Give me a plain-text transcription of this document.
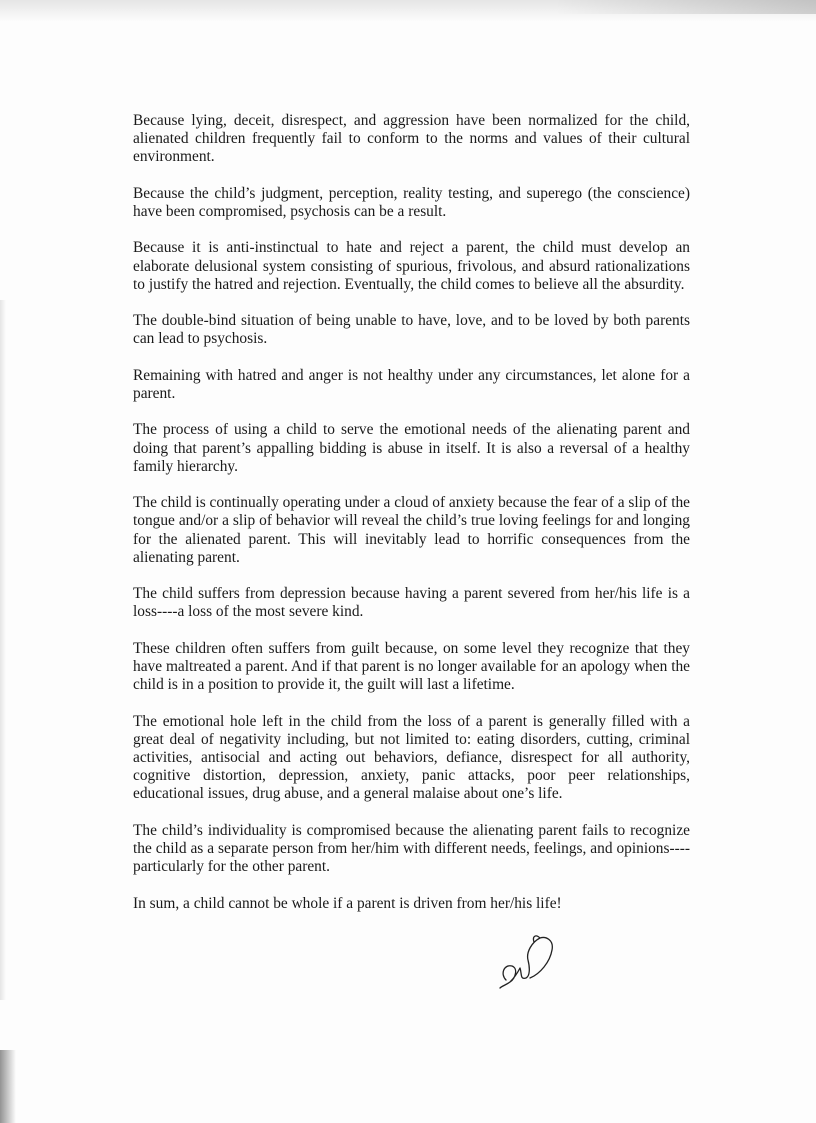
Because lying, deceit, disrespect, and aggression have been normalized for the child, alienated children frequently fail to conform to the norms and values of their cultural environment.

Because the child’s judgment, perception, reality testing, and superego (the conscience) have been compromised, psychosis can be a result.

Because it is anti-instinctual to hate and reject a parent, the child must develop an elaborate delusional system consisting of spurious, frivolous, and absurd rationalizations to justify the hatred and rejection. Eventually, the child comes to believe all the absurdity.

The double-bind situation of being unable to have, love, and to be loved by both parents can lead to psychosis.

Remaining with hatred and anger is not healthy under any circumstances, let alone for a parent.

The process of using a child to serve the emotional needs of the alienating parent and doing that parent’s appalling bidding is abuse in itself. It is also a reversal of a healthy family hierarchy.

The child is continually operating under a cloud of anxiety because the fear of a slip of the tongue and/or a slip of behavior will reveal the child’s true loving feelings for and longing for the alienated parent. This will inevitably lead to horrific consequences from the alienating parent.

The child suffers from depression because having a parent severed from her/his life is a loss----a loss of the most severe kind.

These children often suffers from guilt because, on some level they recognize that they have maltreated a parent. And if that parent is no longer available for an apology when the child is in a position to provide it, the guilt will last a lifetime.

The emotional hole left in the child from the loss of a parent is generally filled with a great deal of negativity including, but not limited to: eating disorders, cutting, criminal activities, antisocial and acting out behaviors, defiance, disrespect for all authority, cognitive distortion, depression, anxiety, panic attacks, poor peer relationships, educational issues, drug abuse, and a general malaise about one’s life.

The child’s individuality is compromised because the alienating parent fails to recognize the child as a separate person from her/him with different needs, feelings, and opinions----particularly for the other parent.

In sum, a child cannot be whole if a parent is driven from her/his life!
